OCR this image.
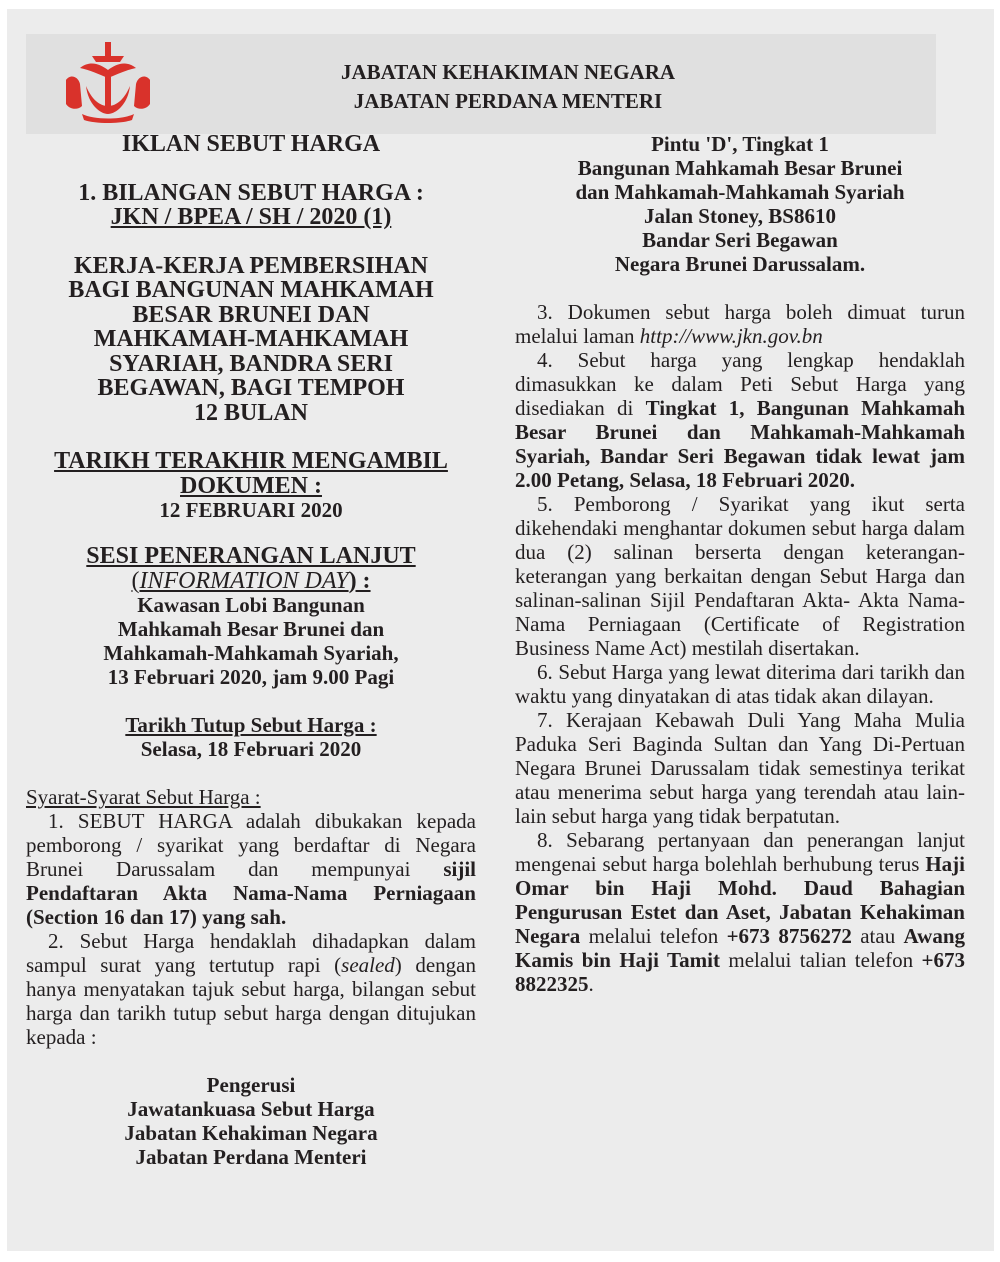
JABATAN KEHAKIMAN NEGARA
JABATAN PERDANA MENTERI
IKLAN SEBUT HARGA
1. BILANGAN SEBUT HARGA :
JKN / BPEA / SH / 2020 (1)
KERJA-KERJA PEMBERSIHAN
BAGI BANGUNAN MAHKAMAH
BESAR BRUNEI DAN
MAHKAMAH-MAHKAMAH
SYARIAH, BANDRA SERI
BEGAWAN, BAGI TEMPOH
12 BULAN
TARIKH TERAKHIR MENGAMBIL
DOKUMEN :
12 FEBRUARI 2020
SESI PENERANGAN LANJUT
(INFORMATION DAY) :
Kawasan Lobi Bangunan
Mahkamah Besar Brunei dan
Mahkamah-Mahkamah Syariah,
13 Februari 2020, jam 9.00 Pagi
Tarikh Tutup Sebut Harga :
Selasa, 18 Februari 2020
Syarat-Syarat Sebut Harga :

1. SEBUT HARGA adalah dibukakan kepada pemborong / syarikat yang berdaftar di Negara Brunei Darussalam dan mempunyai sijil Pendaftaran Akta Nama-Nama Perniagaan (Section 16 dan 17) yang sah.

2. Sebut Harga hendaklah dihadapkan dalam sampul surat yang tertutup rapi (sealed) dengan hanya menyatakan tajuk sebut harga, bilangan sebut harga dan tarikh tutup sebut harga dengan ditujukan kepada :

Pengerusi
Jawatankuasa Sebut Harga
Jabatan Kehakiman Negara
Jabatan Perdana Menteri
Pintu 'D', Tingkat 1
Bangunan Mahkamah Besar Brunei
dan Mahkamah-Mahkamah Syariah
Jalan Stoney, BS8610
Bandar Seri Begawan
Negara Brunei Darussalam.

3. Dokumen sebut harga boleh dimuat turun melalui laman http://www.jkn.gov.bn

4. Sebut harga yang lengkap hendaklah dimasukkan ke dalam Peti Sebut Harga yang disediakan di Tingkat 1, Bangunan Mahkamah Besar Brunei dan Mahkamah-Mahkamah Syariah, Bandar Seri Begawan tidak lewat jam 2.00 Petang, Selasa, 18 Februari 2020.

5. Pemborong / Syarikat yang ikut serta dikehendaki menghantar dokumen sebut harga dalam dua (2) salinan berserta dengan keterangan-keterangan yang berkaitan dengan Sebut Harga dan salinan-salinan Sijil Pendaftaran Akta- Akta Nama-Nama Perniagaan (Certificate of Registration Business Name Act) mestilah disertakan.

6. Sebut Harga yang lewat diterima dari tarikh dan waktu yang dinyatakan di atas tidak akan dilayan.

7. Kerajaan Kebawah Duli Yang Maha Mulia Paduka Seri Baginda Sultan dan Yang Di-Pertuan Negara Brunei Darussalam tidak semestinya terikat atau menerima sebut harga yang terendah atau lain-lain sebut harga yang tidak berpatutan.

8. Sebarang pertanyaan dan penerangan lanjut mengenai sebut harga bolehlah berhubung terus Haji Omar bin Haji Mohd. Daud Bahagian Pengurusan Estet dan Aset, Jabatan Kehakiman Negara melalui telefon +673 8756272 atau Awang Kamis bin Haji Tamit melalui talian telefon +673 8822325.
